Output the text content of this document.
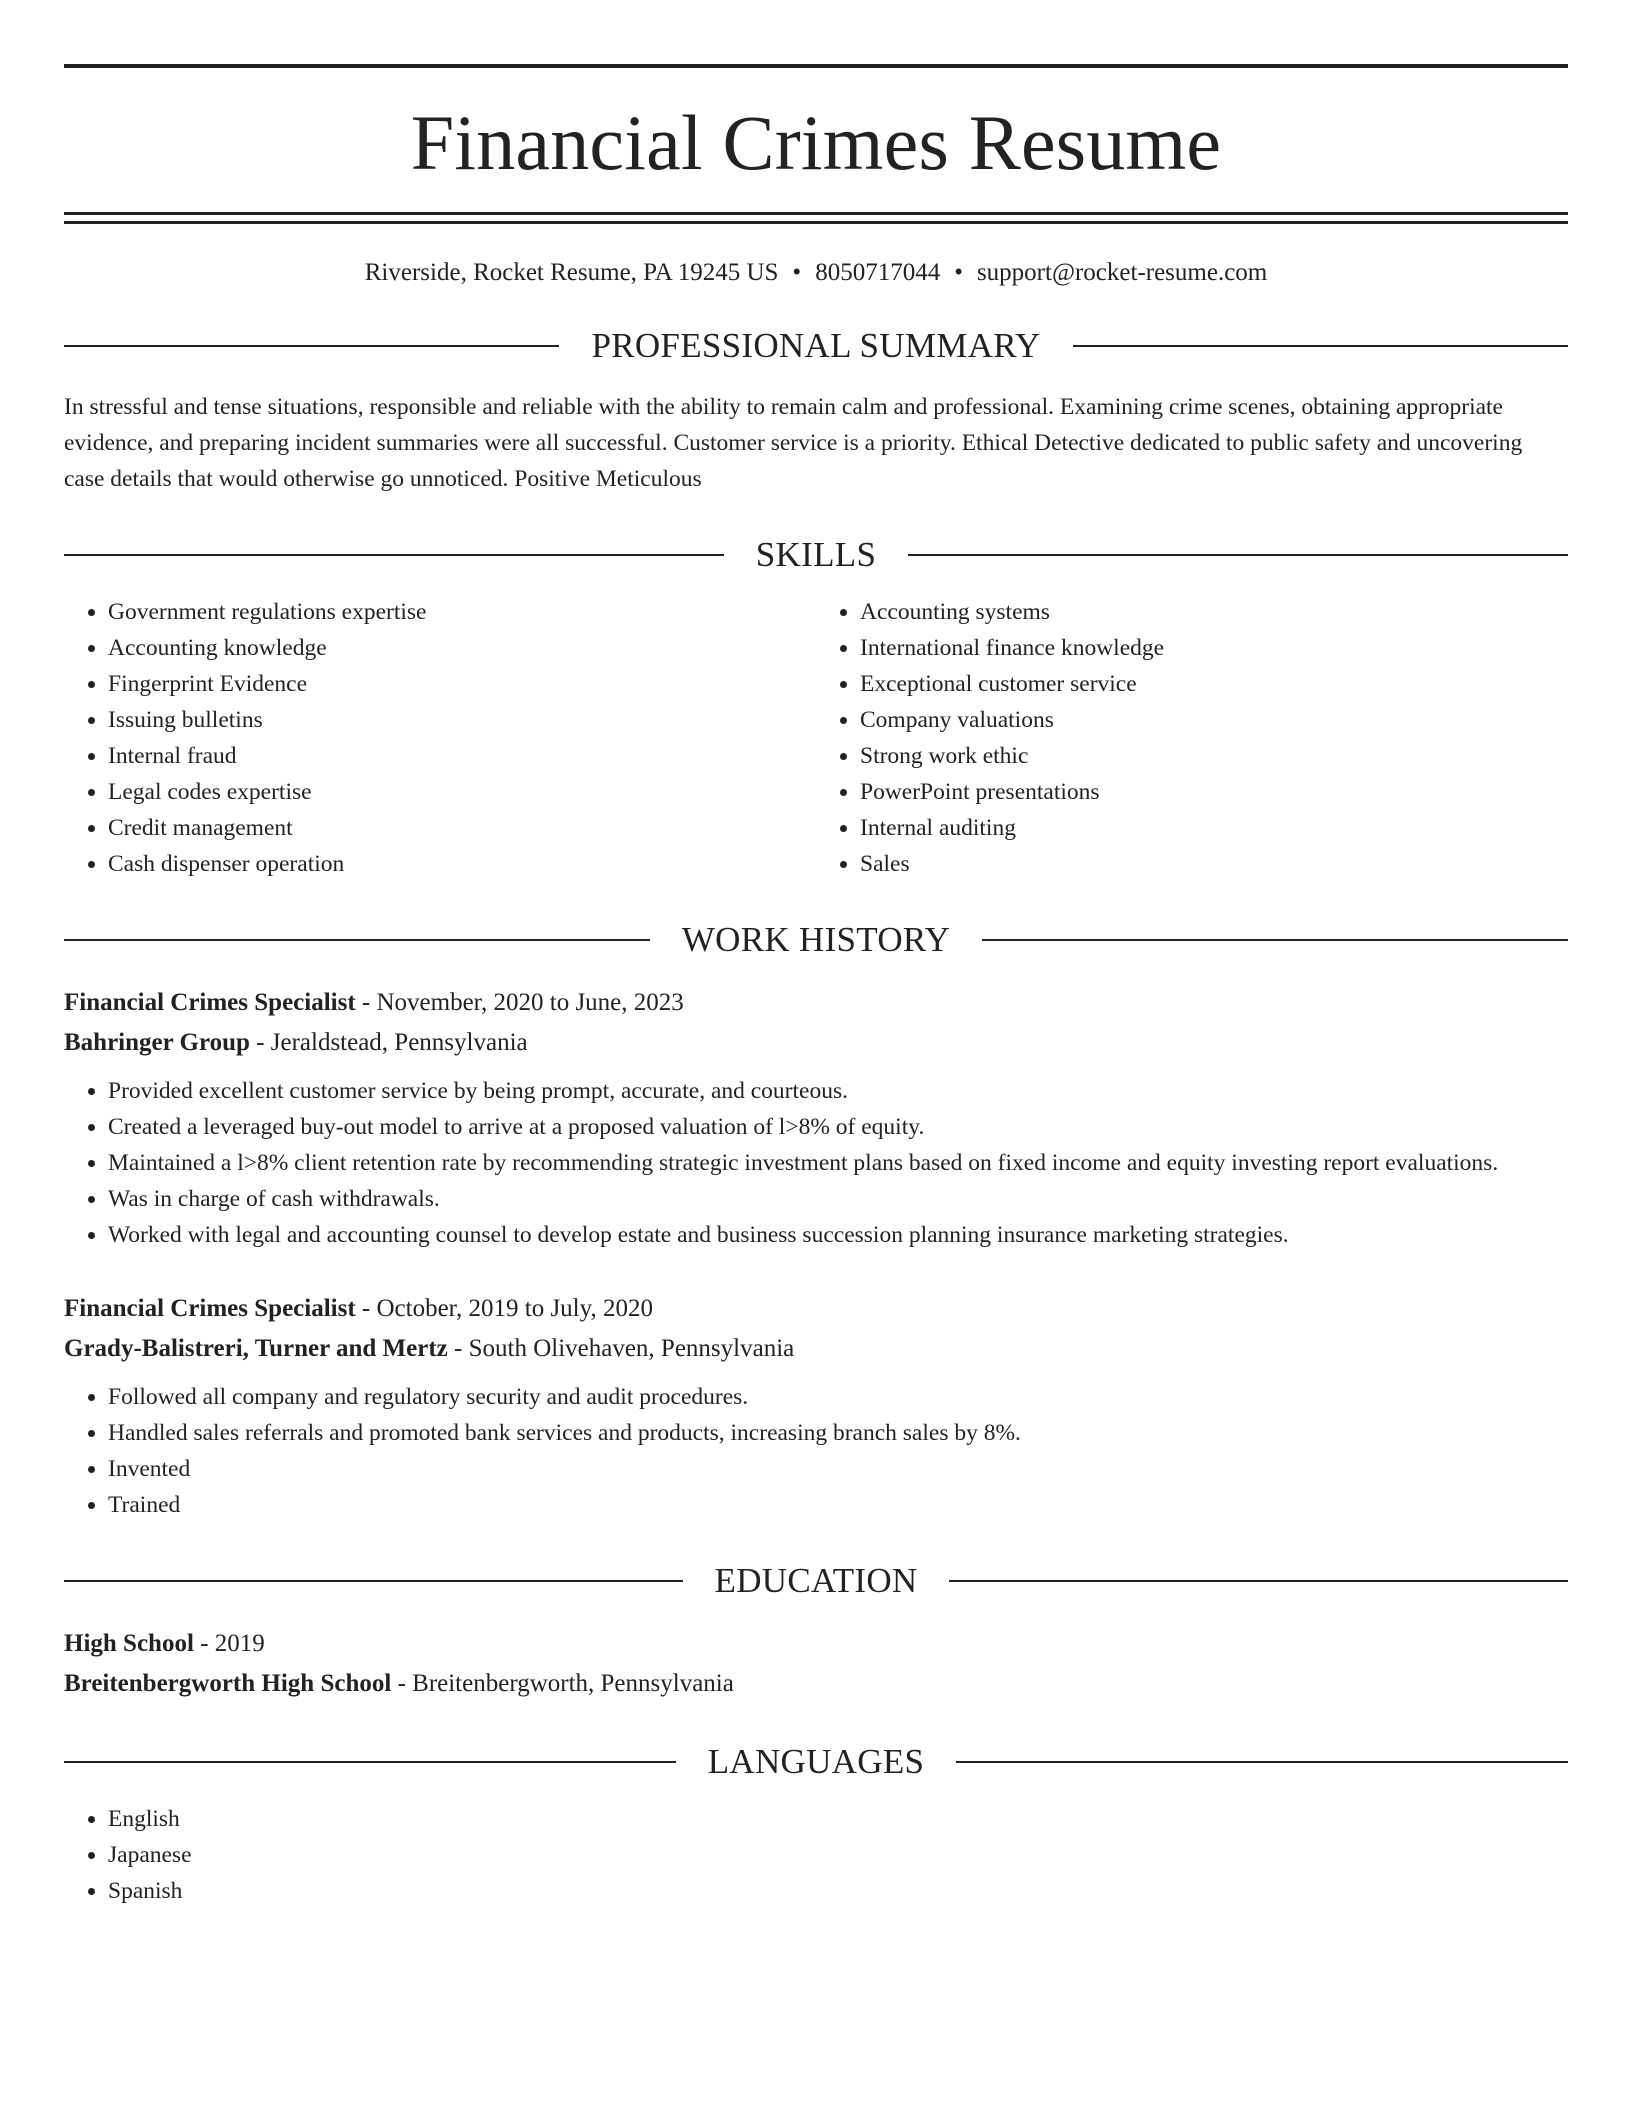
Financial Crimes Resume
Riverside, Rocket Resume, PA 19245 US • 8050717044 • support@rocket-resume.com
PROFESSIONAL SUMMARY
In stressful and tense situations, responsible and reliable with the ability to remain calm and professional. Examining crime scenes, obtaining appropriate evidence, and preparing incident summaries were all successful. Customer service is a priority. Ethical Detective dedicated to public safety and uncovering case details that would otherwise go unnoticed. Positive Meticulous
SKILLS
• Government regulations expertise
• Accounting knowledge
• Fingerprint Evidence
• Issuing bulletins
• Internal fraud
• Legal codes expertise
• Credit management
• Cash dispenser operation
• Accounting systems
• International finance knowledge
• Exceptional customer service
• Company valuations
• Strong work ethic
• PowerPoint presentations
• Internal auditing
• Sales
WORK HISTORY
Financial Crimes Specialist - November, 2020 to June, 2023
Bahringer Group - Jeraldstead, Pennsylvania
• Provided excellent customer service by being prompt, accurate, and courteous.
• Created a leveraged buy-out model to arrive at a proposed valuation of l>8% of equity.
• Maintained a l>8% client retention rate by recommending strategic investment plans based on fixed income and equity investing report evaluations.
• Was in charge of cash withdrawals.
• Worked with legal and accounting counsel to develop estate and business succession planning insurance marketing strategies.
Financial Crimes Specialist - October, 2019 to July, 2020
Grady-Balistreri, Turner and Mertz - South Olivehaven, Pennsylvania
• Followed all company and regulatory security and audit procedures.
• Handled sales referrals and promoted bank services and products, increasing branch sales by 8%.
• Invented
• Trained
EDUCATION
High School - 2019
Breitenbergworth High School - Breitenbergworth, Pennsylvania
LANGUAGES
• English
• Japanese
• Spanish
